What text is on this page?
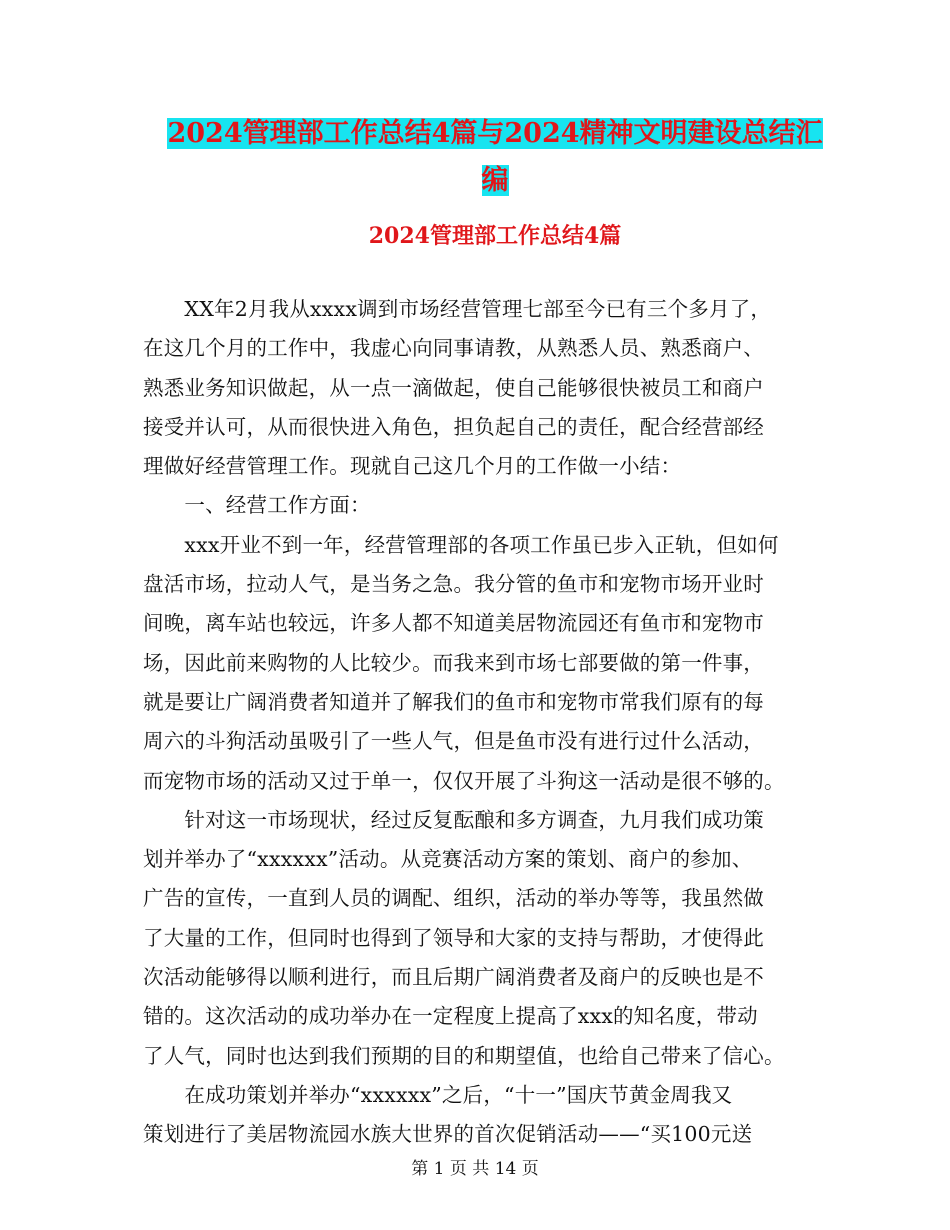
2024管理部工作总结4篇与2024精神文明建设总结汇
编
2024管理部工作总结4篇
　　XX年2月我从xxxx调到市场经营管理七部至今已有三个多月了，
在这几个月的工作中，我虚心向同事请教，从熟悉人员、熟悉商户、
熟悉业务知识做起，从一点一滴做起，使自己能够很快被员工和商户
接受并认可，从而很快进入角色，担负起自己的责任，配合经营部经
理做好经营管理工作。现就自己这几个月的工作做一小结：
　　一、经营工作方面：
　　xxx开业不到一年，经营管理部的各项工作虽已步入正轨，但如何
盘活市场，拉动人气，是当务之急。我分管的鱼市和宠物市场开业时
间晚，离车站也较远，许多人都不知道美居物流园还有鱼市和宠物市
场，因此前来购物的人比较少。而我来到市场七部要做的第一件事，
就是要让广阔消费者知道并了解我们的鱼市和宠物市常我们原有的每
周六的斗狗活动虽吸引了一些人气，但是鱼市没有进行过什么活动，
而宠物市场的活动又过于单一，仅仅开展了斗狗这一活动是很不够的。
　　针对这一市场现状，经过反复酝酿和多方调查，九月我们成功策
划并举办了“xxxxxx”活动。从竞赛活动方案的策划、商户的参加、
广告的宣传，一直到人员的调配、组织，活动的举办等等，我虽然做
了大量的工作，但同时也得到了领导和大家的支持与帮助，才使得此
次活动能够得以顺利进行，而且后期广阔消费者及商户的反映也是不
错的。这次活动的成功举办在一定程度上提高了xxx的知名度，带动
了人气，同时也达到我们预期的目的和期望值，也给自己带来了信心。
　　在成功策划并举办“xxxxxx”之后，“十一”国庆节黄金周我又
策划进行了美居物流园水族大世界的首次促销活动——“买100元送
第 1 页 共 14 页
